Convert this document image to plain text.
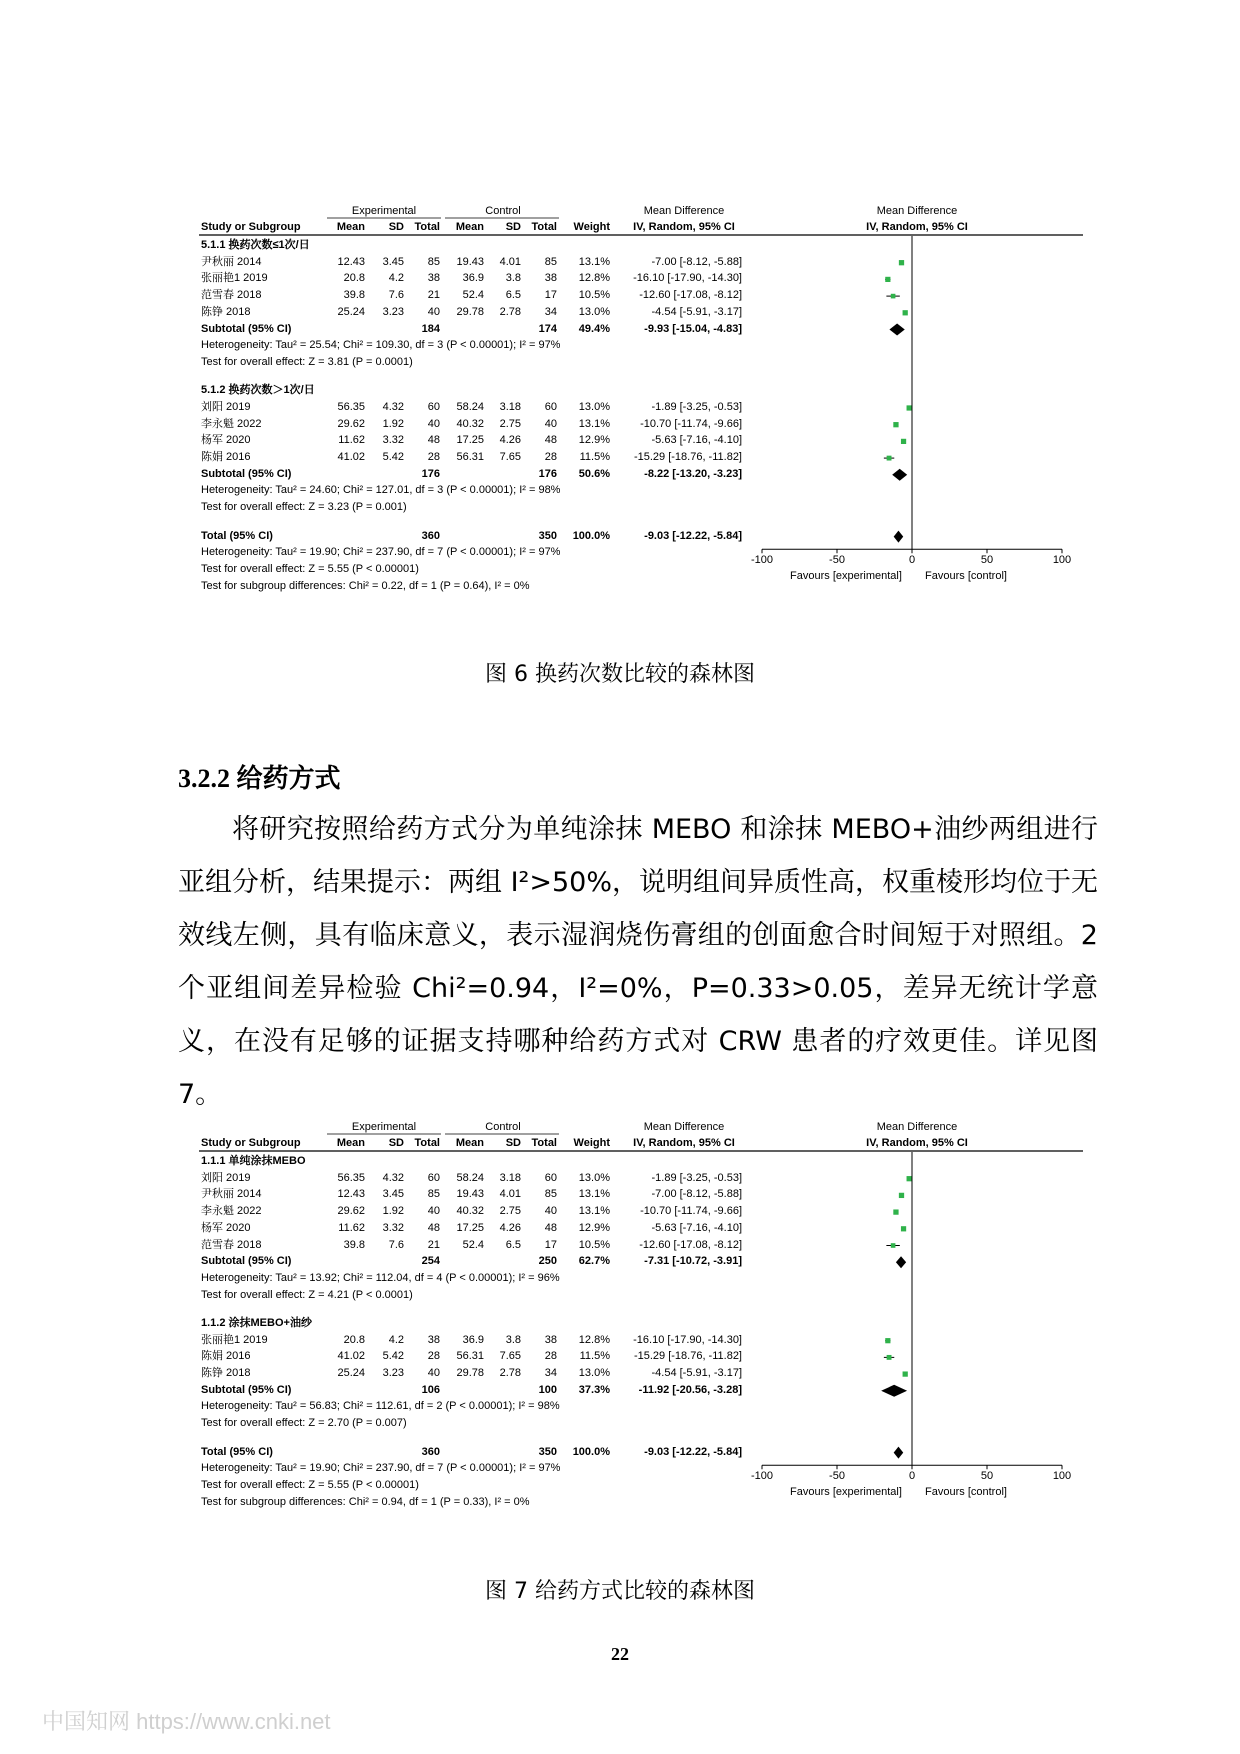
Experimental	Control	Mean Difference	Mean Difference
Study or Subgroup	Mean SD Total Mean SD Total Weight	IV, Random, 95% CI	IV, Random, 95% CI
5.1.1 换药次数≤1次/日
尹秋丽 2014	12.43 3.45 85 19.43 4.01 85 13.1%	-7.00 [-8.12, -5.88]
张丽艳1 2019	20.8 4.2 38 36.9 3.8 38 12.8% -16.10 [-17.90, -14.30]
范雪春 2018	39.8 7.6 21 52.4 6.5 17 10.5%	-12.60 [-17.08, -8.12]
陈铮 2018	25.24 3.23 40 29.78 2.78 34 13.0%	-4.54 [-5.91, -3.17]
Subtotal (95% CI)	184	174 49.4%	-9.93 [-15.04, -4.83]
Heterogeneity: Tau² = 25.54; Chi² = 109.30, df = 3 (P < 0.00001); I² = 97%
Test for overall effect: Z = 3.81 (P = 0.0001)
5.1.2 换药次数＞1次/日
刘阳 2019	56.35 4.32 60 58.24 3.18 60 13.0%	-1.89 [-3.25, -0.53]
李永魁 2022	29.62 1.92 40 40.32 2.75 40 13.1%	-10.70 [-11.74, -9.66]
杨军 2020	11.62 3.32 48 17.25 4.26 48 12.9%	-5.63 [-7.16, -4.10]
陈娟 2016	41.02 5.42 28 56.31 7.65 28 11.5% -15.29 [-18.76, -11.82]
Subtotal (95% CI)	176	176 50.6%	-8.22 [-13.20, -3.23]
Heterogeneity: Tau² = 24.60; Chi² = 127.01, df = 3 (P < 0.00001); I² = 98%
Test for overall effect: Z = 3.23 (P = 0.001)
Total (95% CI)	360	350 100.0%	-9.03 [-12.22, -5.84]
Heterogeneity: Tau² = 19.90; Chi² = 237.90, df = 7 (P < 0.00001); I² = 97%
Test for overall effect: Z = 5.55 (P < 0.00001)
Test for subgroup differences: Chi² = 0.22, df = 1 (P = 0.64), I² = 0%
-100	-50	0	50	100
Favours [experimental]	Favours [control]
图 6 换药次数比较的森林图
3.2.2 给药方式

将研究按照给药方式分为单纯涂抹 MEBO 和涂抹 MEBO+油纱两组进行亚组分析，结果提示：两组 I²>50%，说明组间异质性高，权重棱形均位于无效线左侧，具有临床意义，表示湿润烧伤膏组的创面愈合时间短于对照组。2 个亚组间差异检验 Chi²=0.94，I²=0%，P=0.33>0.05，差异无统计学意义，在没有足够的证据支持哪种给药方式对 CRW 患者的疗效更佳。详见图 7。

Experimental	Control	Mean Difference	Mean Difference
Study or Subgroup	Mean SD Total Mean SD Total Weight	IV, Random, 95% CI	IV, Random, 95% CI
1.1.1 单纯涂抹MEBO
刘阳 2019	56.35 4.32 60 58.24 3.18 60 13.0%	-1.89 [-3.25, -0.53]
尹秋丽 2014	12.43 3.45 85 19.43 4.01 85 13.1%	-7.00 [-8.12, -5.88]
李永魁 2022	29.62 1.92 40 40.32 2.75 40 13.1%	-10.70 [-11.74, -9.66]
杨军 2020	11.62 3.32 48 17.25 4.26 48 12.9%	-5.63 [-7.16, -4.10]
范雪春 2018	39.8 7.6 21 52.4 6.5 17 10.5%	-12.60 [-17.08, -8.12]
Subtotal (95% CI)	254	250 62.7%	-7.31 [-10.72, -3.91]
Heterogeneity: Tau² = 13.92; Chi² = 112.04, df = 4 (P < 0.00001); I² = 96%
Test for overall effect: Z = 4.21 (P < 0.0001)
1.1.2 涂抹MEBO+油纱
张丽艳1 2019	20.8 4.2 38 36.9 3.8 38 12.8% -16.10 [-17.90, -14.30]
陈娟 2016	41.02 5.42 28 56.31 7.65 28 11.5% -15.29 [-18.76, -11.82]
陈铮 2018	25.24 3.23 40 29.78 2.78 34 13.0%	-4.54 [-5.91, -3.17]
Subtotal (95% CI)	106	100 37.3%	-11.92 [-20.56, -3.28]
Heterogeneity: Tau² = 56.83; Chi² = 112.61, df = 2 (P < 0.00001); I² = 98%
Test for overall effect: Z = 2.70 (P = 0.007)
Total (95% CI)	360	350 100.0%	-9.03 [-12.22, -5.84]
Heterogeneity: Tau² = 19.90; Chi² = 237.90, df = 7 (P < 0.00001); I² = 97%
Test for overall effect: Z = 5.55 (P < 0.00001)
Test for subgroup differences: Chi² = 0.94, df = 1 (P = 0.33), I² = 0%
-100	-50	0	50	100
Favours [experimental]	Favours [control]
图 7 给药方式比较的森林图
22
中国知网 https://www.cnki.net
